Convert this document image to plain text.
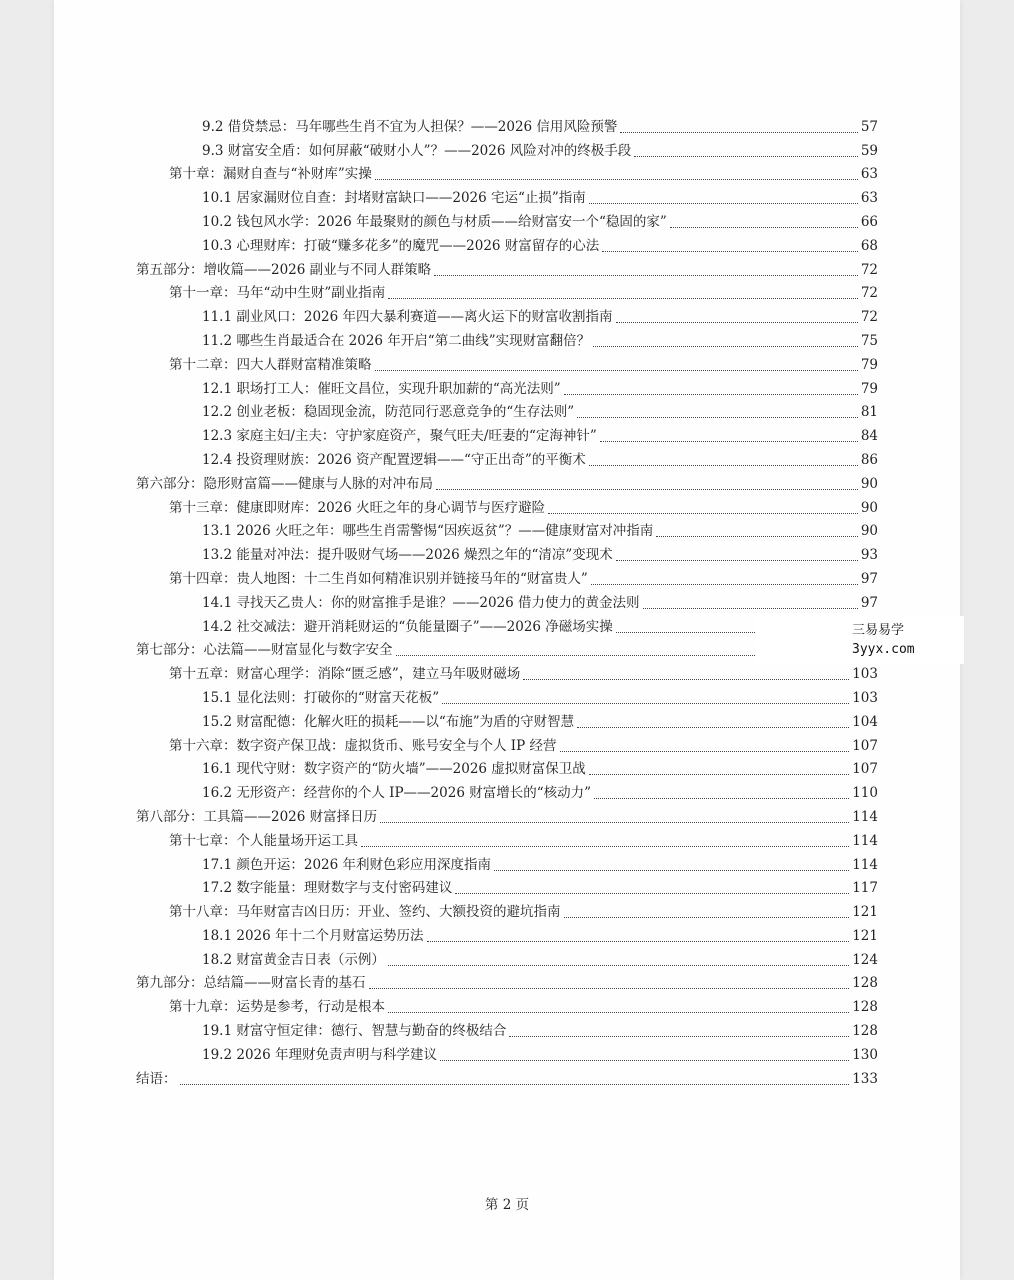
9.2 借贷禁忌：马年哪些生肖不宜为人担保？——2026 信用风险预警	57
9.3 财富安全盾：如何屏蔽“破财小人”？——2026 风险对冲的终极手段	59
第十章：漏财自查与“补财库”实操	63
10.1 居家漏财位自查：封堵财富缺口——2026 宅运“止损”指南	63
10.2 钱包风水学：2026 年最聚财的颜色与材质——给财富安一个“稳固的家”	66
10.3 心理财库：打破“赚多花多”的魔咒——2026 财富留存的心法	68
第五部分：增收篇——2026 副业与不同人群策略	72
第十一章：马年“动中生财”副业指南	72
11.1 副业风口：2026 年四大暴利赛道——离火运下的财富收割指南	72
11.2 哪些生肖最适合在 2026 年开启“第二曲线”实现财富翻倍？	75
第十二章：四大人群财富精准策略	79
12.1 职场打工人：催旺文昌位，实现升职加薪的“高光法则”	79
12.2 创业老板：稳固现金流，防范同行恶意竞争的“生存法则”	81
12.3 家庭主妇/主夫：守护家庭资产，聚气旺夫/旺妻的“定海神针”	84
12.4 投资理财族：2026 资产配置逻辑——“守正出奇”的平衡术	86
第六部分：隐形财富篇——健康与人脉的对冲布局	90
第十三章：健康即财库：2026 火旺之年的身心调节与医疗避险	90
13.1 2026 火旺之年：哪些生肖需警惕“因疾返贫”？——健康财富对冲指南	90
13.2 能量对冲法：提升吸财气场——2026 燥烈之年的“清凉”变现术	93
第十四章：贵人地图：十二生肖如何精准识别并链接马年的“财富贵人”	97
14.1 寻找天乙贵人：你的财富推手是谁？——2026 借力使力的黄金法则	97
14.2 社交减法：避开消耗财运的“负能量圈子”——2026 净磁场实操
第七部分：心法篇——财富显化与数字安全
第十五章：财富心理学：消除“匮乏感”，建立马年吸财磁场	103
15.1 显化法则：打破你的“财富天花板”	103
15.2 财富配德：化解火旺的损耗——以“布施”为盾的守财智慧	104
第十六章：数字资产保卫战：虚拟货币、账号安全与个人 IP 经营	107
16.1 现代守财：数字资产的“防火墙”——2026 虚拟财富保卫战	107
16.2 无形资产：经营你的个人 IP——2026 财富增长的“核动力”	110
第八部分：工具篇——2026 财富择日历	114
第十七章：个人能量场开运工具	114
17.1 颜色开运：2026 年利财色彩应用深度指南	114
17.2 数字能量：理财数字与支付密码建议	117
第十八章：马年财富吉凶日历：开业、签约、大额投资的避坑指南	121
18.1 2026 年十二个月财富运势历法	121
18.2 财富黄金吉日表（示例）	124
第九部分：总结篇——财富长青的基石	128
第十九章：运势是参考，行动是根本	128
19.1 财富守恒定律：德行、智慧与勤奋的终极结合	128
19.2 2026 年理财免责声明与科学建议	130
结语：	133
第 2 页
三易易学
3yyx.com
